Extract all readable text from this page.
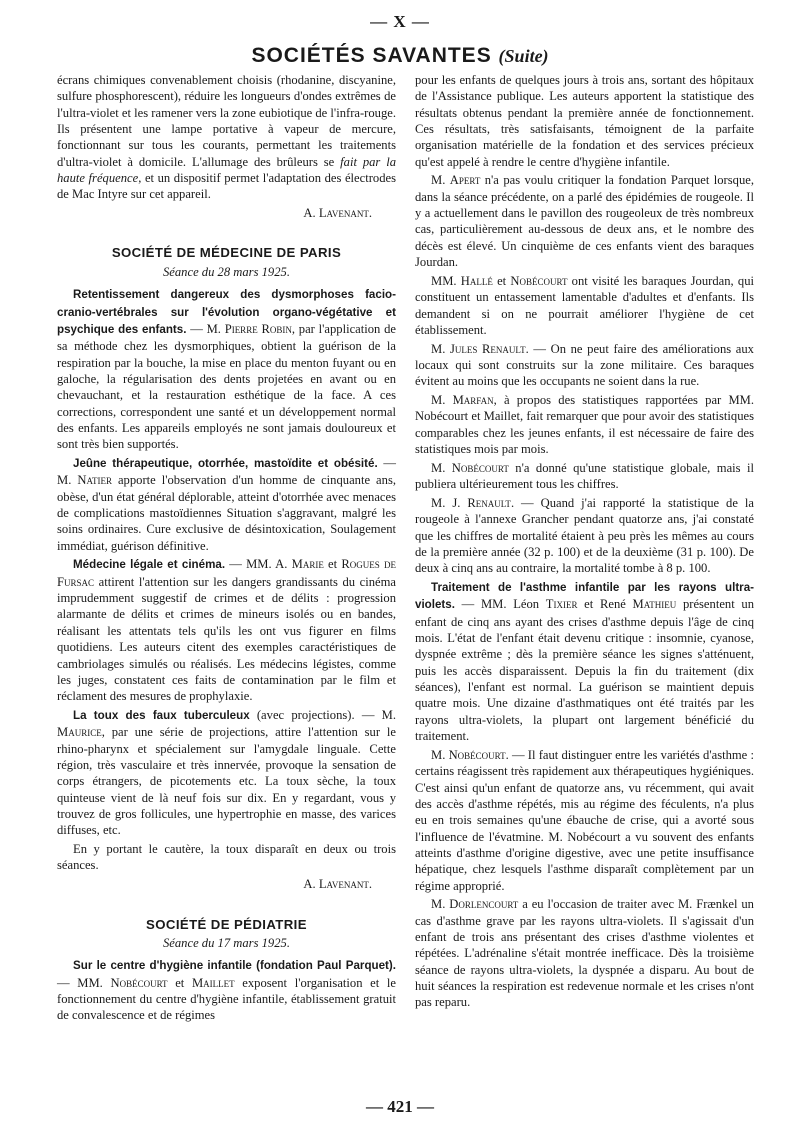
— X —
SOCIÉTÉS SAVANTES (Suite)

écrans chimiques convenablement choisis (rhodanine, discyanine, sulfure phosphorescent), réduire les longueurs d'ondes extrêmes de l'ultra-violet et les ramener vers la zone eubiotique de l'infra-rouge. Ils présentent une lampe portative à vapeur de mercure, fonctionnant sur tous les courants, permettant les traitements d'ultra-violet à domicile. L'allumage des brûleurs se fait par la haute fréquence, et un dispositif permet l'adaptation des électrodes de Mac Intyre sur cet appareil.

A. Lavenant.

SOCIÉTÉ DE MÉDECINE DE PARIS
Séance du 28 mars 1925.

Retentissement dangereux des dysmorphoses facio-cranio-vertébrales sur l'évolution organo-végétative et psychique des enfants. — M. Pierre Robin, par l'application de sa méthode chez les dysmorphiques, obtient la guérison de la respiration par la bouche, la mise en place du menton fuyant ou en galoche, la régularisation des dents projetées en avant ou en chevauchant, et la restauration esthétique de la face. A ces corrections, correspondent une santé et un développement normal des enfants. Les appareils employés ne sont jamais douloureux et sont très bien supportés.

Jeûne thérapeutique, otorrhée, mastoïdite et obésité. — M. Natier apporte l'observation d'un homme de cinquante ans, obèse, d'un état général déplorable, atteint d'otorrhée avec menaces de complications mastoïdiennes Situation s'aggravant, malgré les soins ordinaires. Cure exclusive de désintoxication, Soulagement immédiat, guérison définitive.

Médecine légale et cinéma. — MM. A. Marie et Rogues de Fursac attirent l'attention sur les dangers grandissants du cinéma imprudemment suggestif de crimes et de délits : progression alarmante de délits et crimes de mineurs isolés ou en bandes, réalisant les attentats tels qu'ils les ont vus figurer en films quotidiens. Les auteurs citent des exemples caractéristiques de cambriolages simulés ou réalisés. Les médecins légistes, comme les juges, constatent ces faits de contamination par le film et réclament des mesures de prophylaxie.

La toux des faux tuberculeux (avec projections). — M. Maurice, par une série de projections, attire l'attention sur le rhino-pharynx et spécialement sur l'amygdale linguale. Cette région, très vasculaire et très innervée, provoque la sensation de corps étrangers, de picotements etc. La toux sèche, la toux quinteuse vient de là neuf fois sur dix. En y regardant, vous y trouvez de gros follicules, une hypertrophie en masse, des varices diffuses, etc.

En y portant le cautère, la toux disparaît en deux ou trois séances.

A. Lavenant.

SOCIÉTÉ DE PÉDIATRIE
Séance du 17 mars 1925.

Sur le centre d'hygiène infantile (fondation Paul Parquet). — MM. Nobécourt et Maillet exposent l'organisation et le fonctionnement du centre d'hygiène infantile, établissement gratuit de convalescence et de régimes

pour les enfants de quelques jours à trois ans, sortant des hôpitaux de l'Assistance publique. Les auteurs apportent la statistique des résultats obtenus pendant la première année de fonctionnement. Ces résultats, très satisfaisants, témoignent de la parfaite organisation matérielle de la fondation et des services précieux qu'est appelé à rendre le centre d'hygiène infantile.

M. Apert n'a pas voulu critiquer la fondation Parquet lorsque, dans la séance précédente, on a parlé des épidémies de rougeole. Il y a actuellement dans le pavillon des rougeoleux de très nombreux cas, particulièrement au-dessous de deux ans, et le nombre des décès est élevé. Un cinquième de ces enfants vient des baraques Jourdan.

MM. Hallé et Nobécourt ont visité les baraques Jourdan, qui constituent un entassement lamentable d'adultes et d'enfants. Ils demandent si on ne pourrait améliorer l'hygiène de cet établissement.

M. Jules Renault. — On ne peut faire des améliorations aux locaux qui sont construits sur la zone militaire. Ces baraques évitent au moins que les occupants ne soient dans la rue.

M. Marfan, à propos des statistiques rapportées par MM. Nobécourt et Maillet, fait remarquer que pour avoir des statistiques comparables chez les jeunes enfants, il est nécessaire de faire des statistiques mois par mois.

M. Nobécourt n'a donné qu'une statistique globale, mais il publiera ultérieurement tous les chiffres.

M. J. Renault. — Quand j'ai rapporté la statistique de la rougeole à l'annexe Grancher pendant quatorze ans, j'ai constaté que les chiffres de mortalité étaient à peu près les mêmes au cours de la première année (32 p. 100) et de la deuxième (31 p. 100). De deux à cinq ans au contraire, la mortalité tombe à 8 p. 100.

Traitement de l'asthme infantile par les rayons ultra-violets. — MM. Léon Tixier et René Mathieu présentent un enfant de cinq ans ayant des crises d'asthme depuis l'âge de cinq mois. L'état de l'enfant était devenu critique : insomnie, cyanose, dyspnée extrême ; dès la première séance les signes s'atténuent, puis les accès disparaissent. Depuis la fin du traitement (dix séances), l'enfant est normal. La guérison se maintient depuis quatre mois. Une dizaine d'asthmatiques ont été traités par les rayons ultra-violets, la plupart ont largement bénéficié du traitement.

M. Nobécourt. — Il faut distinguer entre les variétés d'asthme : certains réagissent très rapidement aux thérapeutiques hygiéniques. C'est ainsi qu'un enfant de quatorze ans, vu récemment, qui avait des accès d'asthme répétés, mis au régime des féculents, n'a plus eu en trois semaines qu'une ébauche de crise, qui a avorté sous l'influence de l'évatmine. M. Nobécourt a vu souvent des enfants atteints d'asthme d'origine digestive, avec une petite insuffisance hépatique, chez lesquels l'asthme disparaît complètement par un régime approprié.

M. Dorlencourt a eu l'occasion de traiter avec M. Frænkel un cas d'asthme grave par les rayons ultra-violets. Il s'agissait d'un enfant de trois ans présentant des crises d'asthme violentes et répétées. L'adrénaline s'était montrée inefficace. Dès la troisième séance de rayons ultra-violets, la dyspnée a disparu. Au bout de huit séances la respiration est redevenue normale et les crises n'ont pas reparu.

— 421 —
